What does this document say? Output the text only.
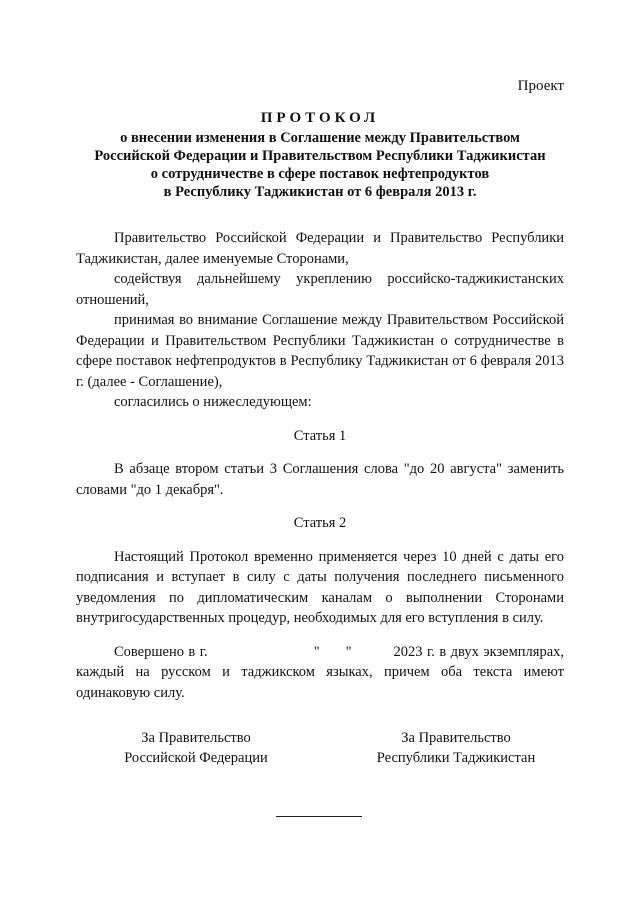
Проект
ПРОТОКОЛ
о внесении изменения в Соглашение между Правительством
Российской Федерации и Правительством Республики Таджикистан
о сотрудничестве в сфере поставок нефтепродуктов
в Республику Таджикистан от 6 февраля 2013 г.

Правительство Российской Федерации и Правительство Республики Таджикистан, далее именуемые Сторонами,

содействуя дальнейшему укреплению российско-таджикистанских отношений,

принимая во внимание Соглашение между Правительством Российской Федерации и Правительством Республики Таджикистан о сотрудничестве в сфере поставок нефтепродуктов в Республику Таджикистан от 6 февраля 2013 г. (далее - Соглашение),

согласились о нижеследующем:

Статья 1

В абзаце втором статьи 3 Соглашения слова "до 20 августа" заменить словами "до 1 декабря".

Статья 2

Настоящий Протокол временно применяется через 10 дней с даты его подписания и вступает в силу с даты получения последнего письменного уведомления по дипломатическим каналам о выполнении Сторонами внутригосударственных процедур, необходимых для его вступления в силу.

Совершено в г.	" "	2023 г. в двух экземплярах, каждый на русском и таджикском языках, причем оба текста имеют одинаковую силу.

За Правительство
Российской Федерации
За Правительство
Республики Таджикистан
